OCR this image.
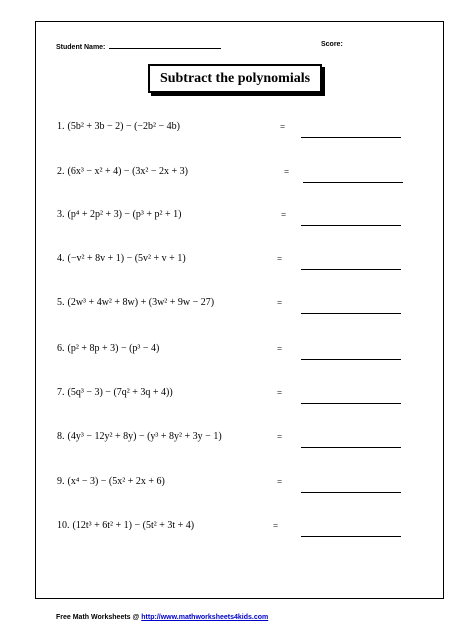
Student Name:	Score:
Subtract the polynomials
1. (5b² + 3b − 2) − (−2b² − 4b)	=
2. (6x³ − x² + 4) − (3x² − 2x + 3)	=
3. (p⁴ + 2p² + 3) − (p³ + p² + 1)	=
4. (−v² + 8v + 1) − (5v² + v + 1)	=
5. (2w³ + 4w² + 8w) + (3w² + 9w − 27)	=
6. (p² + 8p + 3) − (p³ − 4)	=
7. (5q³ − 3) − (7q² + 3q + 4))	=
8. (4y³ − 12y² + 8y) − (y³ + 8y² + 3y − 1)	=
9. (x⁴ − 3) − (5x² + 2x + 6)	=
10. (12t³ + 6t² + 1) − (5t² + 3t + 4)	=
Free Math Worksheets @ http://www.mathworksheets4kids.com
